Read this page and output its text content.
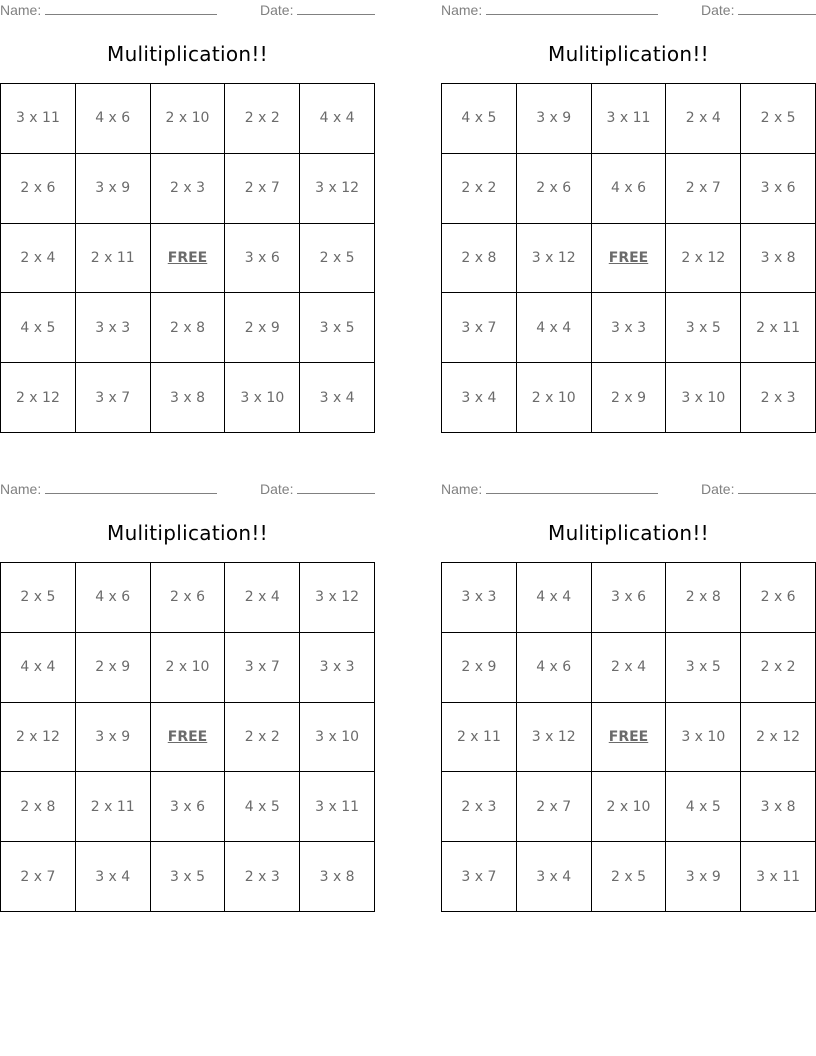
Name:	Date:
Mulitiplication!!
3 x 11	4 x 6	2 x 10	2 x 2	4 x 4
2 x 6	3 x 9	2 x 3	2 x 7	3 x 12
2 x 4	2 x 11	FREE	3 x 6	2 x 5
4 x 5	3 x 3	2 x 8	2 x 9	3 x 5
2 x 12	3 x 7	3 x 8	3 x 10	3 x 4
Name:	Date:
Mulitiplication!!
4 x 5	3 x 9	3 x 11	2 x 4	2 x 5
2 x 2	2 x 6	4 x 6	2 x 7	3 x 6
2 x 8	3 x 12	FREE	2 x 12	3 x 8
3 x 7	4 x 4	3 x 3	3 x 5	2 x 11
3 x 4	2 x 10	2 x 9	3 x 10	2 x 3
Name:	Date:
Mulitiplication!!
2 x 5	4 x 6	2 x 6	2 x 4	3 x 12
4 x 4	2 x 9	2 x 10	3 x 7	3 x 3
2 x 12	3 x 9	FREE	2 x 2	3 x 10
2 x 8	2 x 11	3 x 6	4 x 5	3 x 11
2 x 7	3 x 4	3 x 5	2 x 3	3 x 8
Name:	Date:
Mulitiplication!!
3 x 3	4 x 4	3 x 6	2 x 8	2 x 6
2 x 9	4 x 6	2 x 4	3 x 5	2 x 2
2 x 11	3 x 12	FREE	3 x 10	2 x 12
2 x 3	2 x 7	2 x 10	4 x 5	3 x 8
3 x 7	3 x 4	2 x 5	3 x 9	3 x 11
